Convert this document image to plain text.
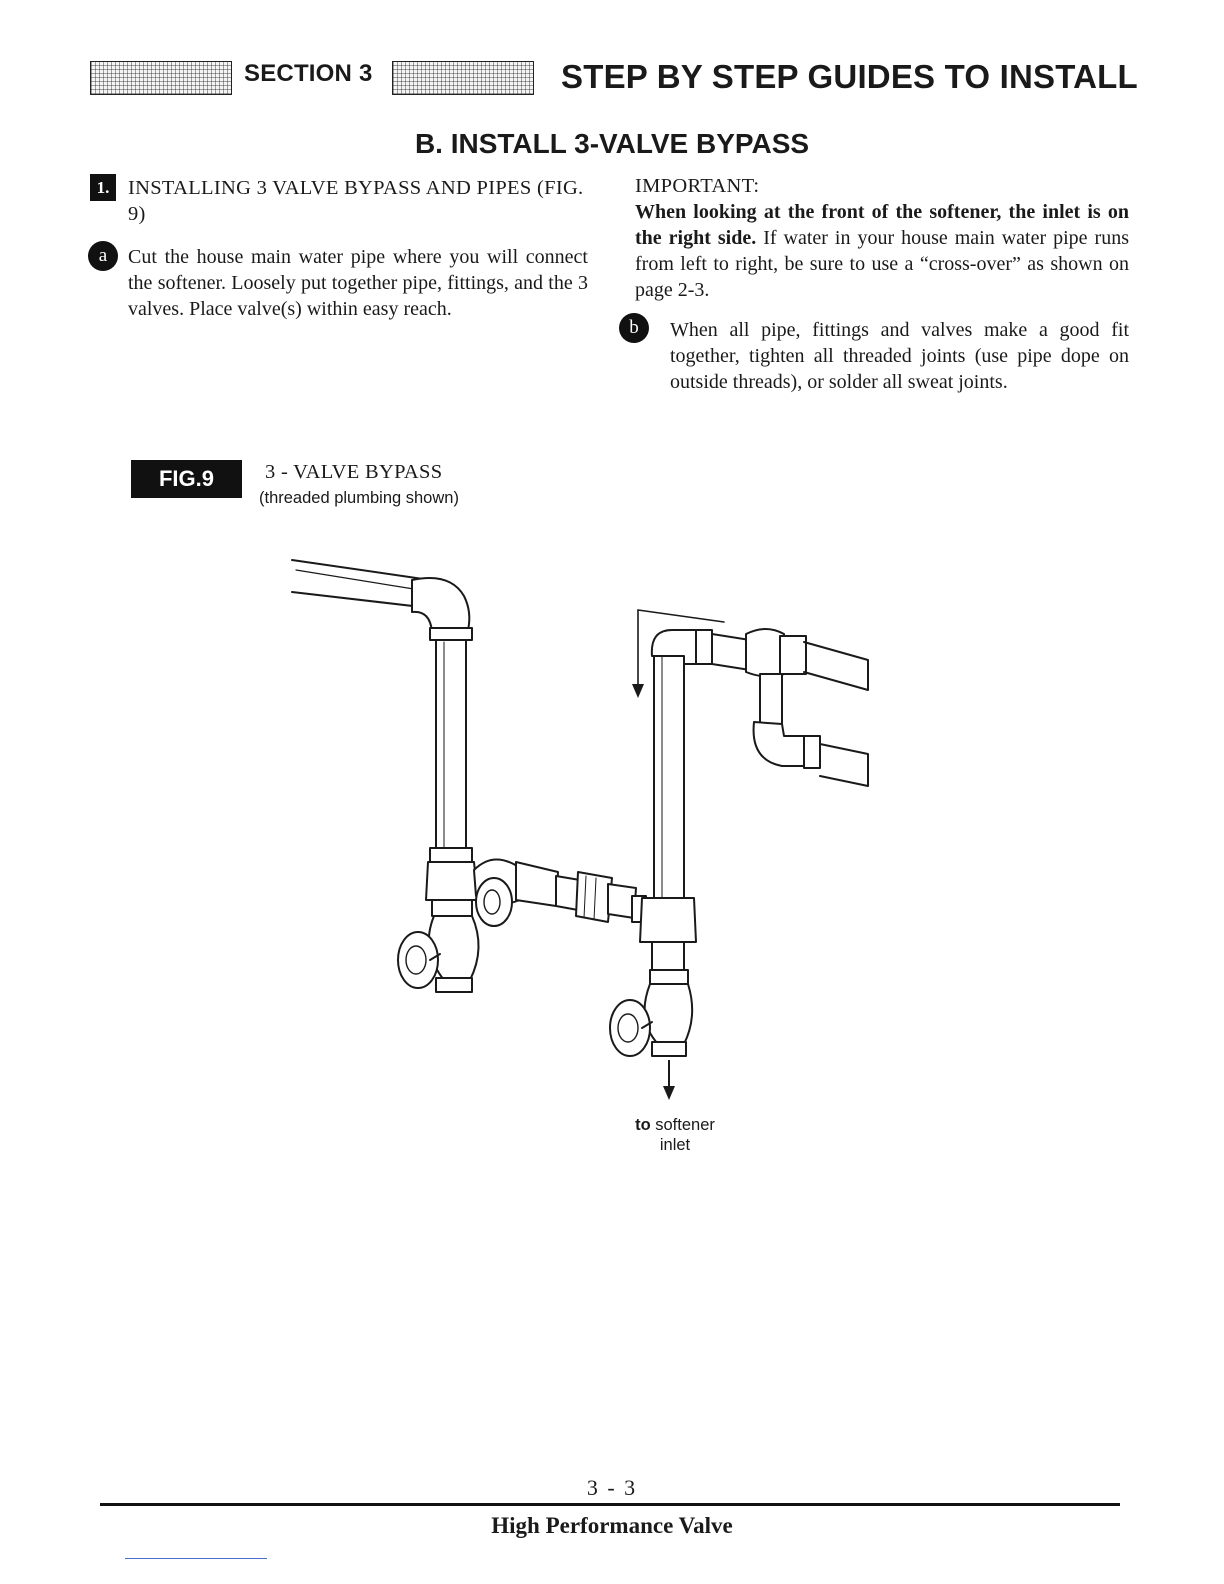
SECTION 3	STEP BY STEP GUIDES TO INSTALL
B. INSTALL 3-VALVE BYPASS
1. INSTALLING 3 VALVE BYPASS AND PIPES (FIG. 9)
a	Cut the house main water pipe where you will connect the softener. Loosely put together pipe, fittings, and the 3 valves. Place valve(s) within easy reach.
IMPORTANT:
When looking at the front of the softener, the inlet is on the right side. If water in your house main water pipe runs from left to right, be sure to use a “cross-over” as shown on page 2-3.
b	When all pipe, fittings and valves make a good fit together, tighten all threaded joints (use pipe dope on outside threads), or solder all sweat joints.
FIG.9	3 - VALVE BYPASS
(threaded plumbing shown)
to softener
inlet
3 - 3
High Performance Valve
